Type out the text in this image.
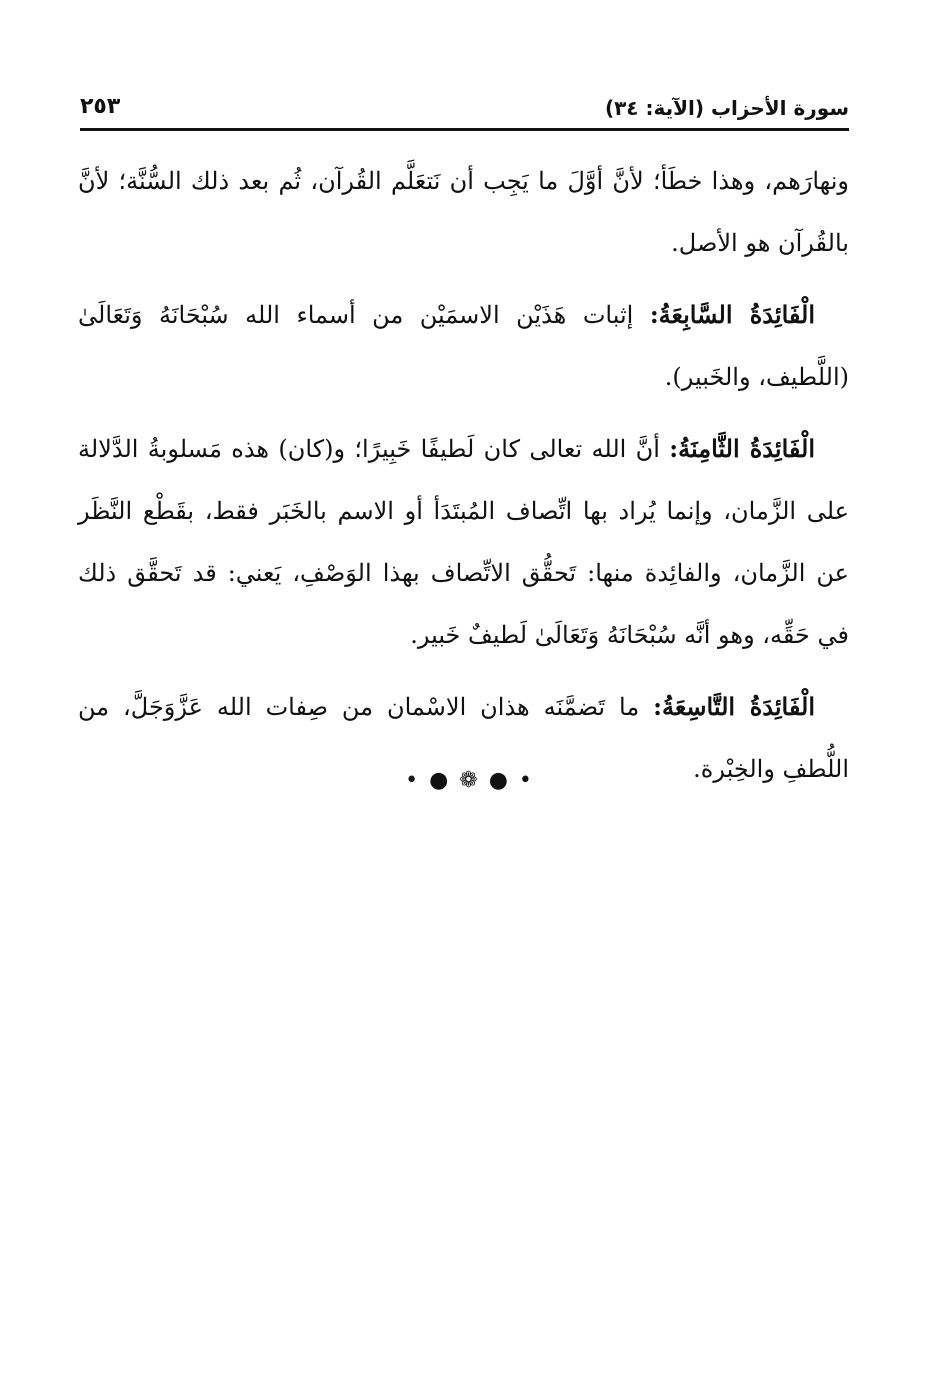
سورة الأحزاب (الآية: ٣٤)
٢٥٣

ونهارَهم، وهذا خطَأ؛ لأنَّ أوَّلَ ما يَجِب أن نَتعَلَّم القُرآن، ثُم بعد ذلك السُّنَّة؛ لأنَّ بالقُرآن هو الأصل.

الْفَائِدَةُ السَّابِعَةُ: إثبات هَذَيْن الاسمَيْن من أسماء الله سُبْحَانَهُ وَتَعَالَىٰ (اللَّطيف، والخَبير).

الْفَائِدَةُ الثَّامِنَةُ: أنَّ الله تعالى كان لَطيفًا خَبِيرًا؛ و(كان) هذه مَسلوبةُ الدَّلالة على الزَّمان، وإنما يُراد بها اتِّصاف المُبتَدَأ أو الاسم بالخَبَر فقط، بقَطْع النَّظَر عن الزَّمان، والفائِدة منها: تَحقُّق الاتِّصاف بهذا الوَصْفِ، يَعني: قد تَحقَّق ذلك في حَقِّه، وهو أنَّه سُبْحَانَهُ وَتَعَالَىٰ لَطيفٌ خَبير.

الْفَائِدَةُ التَّاسِعَةُ: ما تَضمَّنَه هذان الاسْمان من صِفات الله عَزَّوَجَلَّ، من اللُّطفِ والخِبْرة.

• ● ❁ ● •
